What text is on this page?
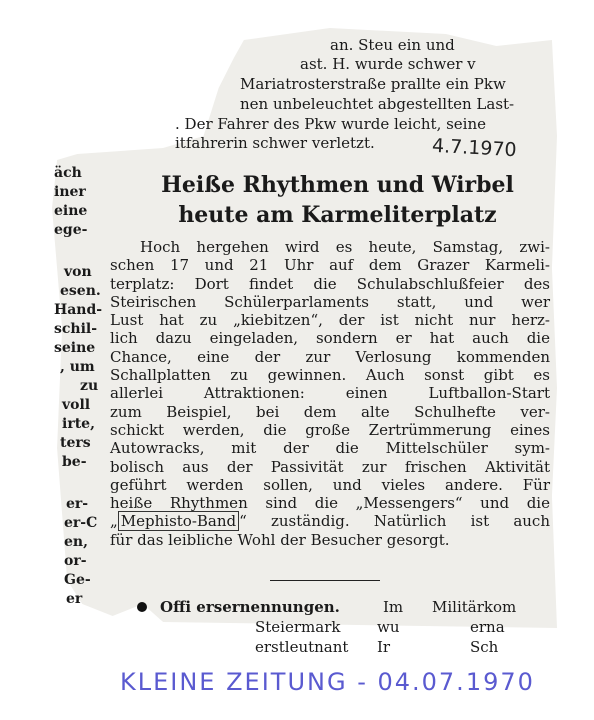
an. Steu ein und
ast. H. wurde schwer v
Mariatrosterstraße prallte ein Pkw
nen unbeleuchtet abgestellten Last-
. Der Fahrer des Pkw wurde leicht, seine
itfahrerin schwer verletzt.	4.7.1970
äch
iner
eine
ege-
von
esen.
Hand-
schil-
seine
, um
zu
voll
irte,
ters
be-
er-
er-C
en,
or-
Ge-
er
Heiße Rhythmen und Wirbel
heute am Karmeliterplatz
Hoch hergehen wird es heute, Samstag, zwi-
schen 17 und 21 Uhr auf dem Grazer Karmeli-
terplatz: Dort findet die Schulabschlußfeier des
Steirischen Schülerparlaments statt, und wer
Lust hat zu „kiebitzen“, der ist nicht nur herz-
lich dazu eingeladen, sondern er hat auch die
Chance, eine der zur Verlosung kommenden
Schallplatten zu gewinnen. Auch sonst gibt es
allerlei Attraktionen: einen Luftballon-Start
zum Beispiel, bei dem alte Schulhefte ver-
schickt werden, die große Zertrümmerung eines
Autowracks, mit der die Mittelschüler sym-
bolisch aus der Passivität zur frischen Aktivität
geführt werden sollen, und vieles andere. Für
heiße Rhythmen sind die „Messengers“ und die
„ Mephisto-Band “ zuständig. Natürlich ist auch
für das leibliche Wohl der Besucher gesorgt.
Offi ersernennungen.	Im Militärkom
Steiermark wu	erna
erstleutnant Ir	Sch
KLEINE ZEITUNG - 04.07.1970
